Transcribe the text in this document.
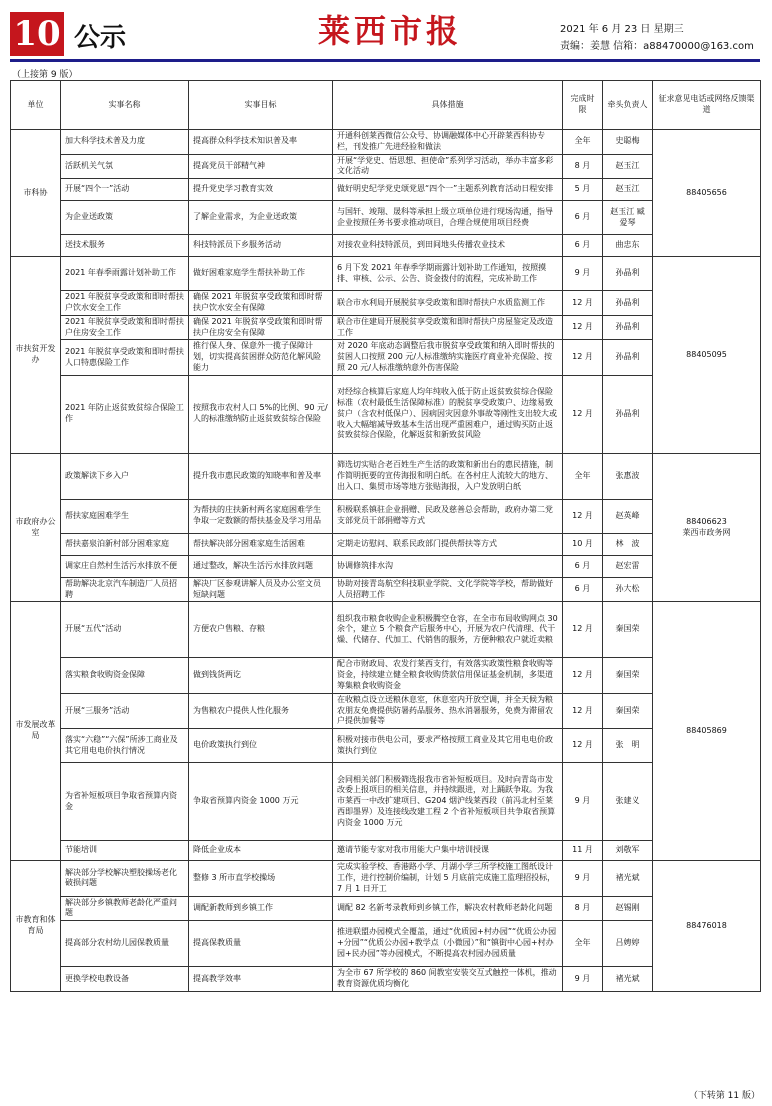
10 公示	莱西市报	2021 年 6 月 23 日 星期三
责编：姜慧 信箱：a88470000@163.com
（上接第 9 版）
单位	实事名称	实事目标	具体措施	完成时限	牵头负责人	征求意见电话或网络反馈渠道
市科协	加大科学技术普及力度	提高群众科学技术知识普及率	开通科创莱西微信公众号、协调融媒体中心开辟莱西科协专栏，刊发推广先进经验和做法	全年	史聪梅	88405656

	活跃机关气氛	提高党员干部精气神	开展“学党史、悟思想、担使命”系列学习活动，举办丰富多彩文化活动	8 月	赵玉江	
	开展“四个一”活动	提升党史学习教育实效	做好明史纪学党史颂党恩“四个一”主题系列教育活动日程安排	5 月	赵玉江	
	为企业送政策	了解企业需求，为企业送政策	与国轩、竣翔、晟科等承担上级立项单位进行现场沟通，指导企业按照任务书要求推动项目，合理合规使用项目经费	6 月	赵玉江 臧爱琴	
	送技术服务	科技特派员下乡服务活动	对接农业科技特派员，到田间地头传播农业技术	6 月	曲忠东	
市扶贫开发办	2021 年春季雨露计划补助工作	做好困难家庭学生帮扶补助工作	6 月下发 2021 年春季学期雨露计划补助工作通知，按照摸排、审核、公示、公告、资金拨付的流程，完成补助工作	9 月	孙晶利	88405095

	2021 年脱贫享受政策和即时帮扶户饮水安全工作	确保 2021 年脱贫享受政策和即时帮扶户饮水安全有保障	联合市水利局开展脱贫享受政策和即时帮扶户水质监测工作	12 月	孙晶利	
	2021 年脱贫享受政策和即时帮扶户住房安全工作	确保 2021 年脱贫享受政策和即时帮扶户住房安全有保障	联合市住建局开展脱贫享受政策和即时帮扶户房屋鉴定及改造工作	12 月	孙晶利	
	2021 年脱贫享受政策和即时帮扶人口特惠保险工作	推行保人身、保意外一揽子保障计划，切实提高贫困群众防范化解风险能力	对 2020 年底动态调整后我市脱贫享受政策和纳入即时帮扶的贫困人口按照 200 元/人标准缴纳实施医疗商业补充保险、按照 20 元/人标准缴纳意外伤害保险	12 月	孙晶利	
	2021 年防止返贫致贫综合保险工作	按照我市农村人口 5%的比例、90 元/人的标准缴纳防止返贫致贫综合保险	对经综合核算后家庭人均年纯收入低于防止返贫致贫综合保险标准（农村最低生活保障标准）的脱贫享受政策户、边缘易致贫户（含农村低保户）、因病因灾因意外事故等刚性支出较大或收入大幅缩减导致基本生活出现严重困难户，通过购买防止返贫致贫综合保险，化解返贫和新致贫风险	12 月	孙晶利	
市政府办公室	政策解读下乡入户	提升我市惠民政策的知晓率和普及率	筛选切实贴合老百姓生产生活的政策和新出台的惠民措施，制作简明扼要的宣传海报和明白纸。在各村庄人流较大的地方、出入口、集贸市场等地方张贴海报，入户发放明白纸	全年	张惠波	88406623
莱西市政务网

	帮扶家庭困难学生	为帮扶的庄扶新村两名家庭困难学生争取一定数额的帮扶基金及学习用品	积极联系镇驻企业捐赠、民政及慈善总会帮助，政府办第二党支部党员干部捐赠等方式	12 月	赵英峰	
	帮扶嘉泉泊新村部分困难家庭	帮扶解决部分困难家庭生活困难	定期走访慰问、联系民政部门提供帮扶等方式	10 月	林　波	
	调家庄自然村生活污水排放不便	通过整改，解决生活污水排放问题	协调修筑排水沟	6 月	赵宏雷	
	帮助解决北京汽车制造厂人员招聘	解决厂区参观讲解人员及办公室文员短缺问题	协助对接青岛航空科技职业学院、文化学院等学校，帮助做好人员招聘工作	6 月	孙大松	
市发展改革局	开展“五代”活动	方便农户售粮、存粮	组织我市粮食收购企业积极腾空仓容，在全市布局收购网点 30 余个，建立 5 个粮食产后服务中心，开展为农户代清理、代干燥、代储存、代加工、代销售的服务，方便种粮农户就近卖粮	12 月	秦国荣	88405869

	落实粮食收购资金保障	做到钱货两讫	配合市财政局、农发行莱西支行，有效落实政策性粮食收购等资金，持续建立健全粮食收购贷款信用保证基金机制，多渠道筹集粮食收购资金	12 月	秦国荣	
	开展“三服务”活动	为售粮农户提供人性化服务	在收粮点设立送粮休息室，休息室内开放空调，并全天候为粮农朋友免费提供防暑药品服务、热水消暑服务，免费为滞留农户提供加餐等	12 月	秦国荣	
	落实“六稳”“六保”所涉工商业及其它用电电价执行情况	电价政策执行到位	积极对接市供电公司，要求严格按照工商业及其它用电电价政策执行到位	12 月	张　明	
	为省补短板项目争取省预算内资金	争取省预算内资金 1000 万元	会同相关部门积极筛选报我市省补短板项目。及时向青岛市发改委上报项目的相关信息，并持续跟进，对上踊跃争取。为我市莱西一中改扩建项目、G204 烟沪线莱西段（前冯北村至莱西即墨界）及连接线改建工程 2 个省补短板项目共争取省预算内资金 1000 万元	9 月	张建义	
	节能培训	降低企业成本	邀请节能专家对我市用能大户集中培训授课	11 月	刘敬军	
市教育和体育局	解决部分学校解决塑胶操场老化破损问题	整修 3 所市直学校操场	完成实验学校、香港路小学、月湖小学三所学校施工图纸设计工作，进行控制价编制，计划 5 月底前完成施工监理招投标，7 月 1 日开工	9 月	褚光斌	88476018

	解决部分乡镇教师老龄化严重问题	调配新教师到乡镇工作	调配 82 名新考录教师到乡镇工作，解决农村教师老龄化问题	8 月	赵锡刚	
	提高部分农村幼儿园保教质量	提高保教质量	推进联盟办园模式全覆盖，通过“优质园+村办园”“优质公办园+分园”“优质公办园+教学点（小微园）”和“镇街中心园+村办园+民办园”等办园模式，不断提高农村园办园质量	全年	吕娉婷	
	更换学校电教设备	提高教学效率	为全市 67 所学校的 860 间教室安装交互式触控一体机，推动教育资源优质均衡化	9 月	褚光斌	
（下转第 11 版）
